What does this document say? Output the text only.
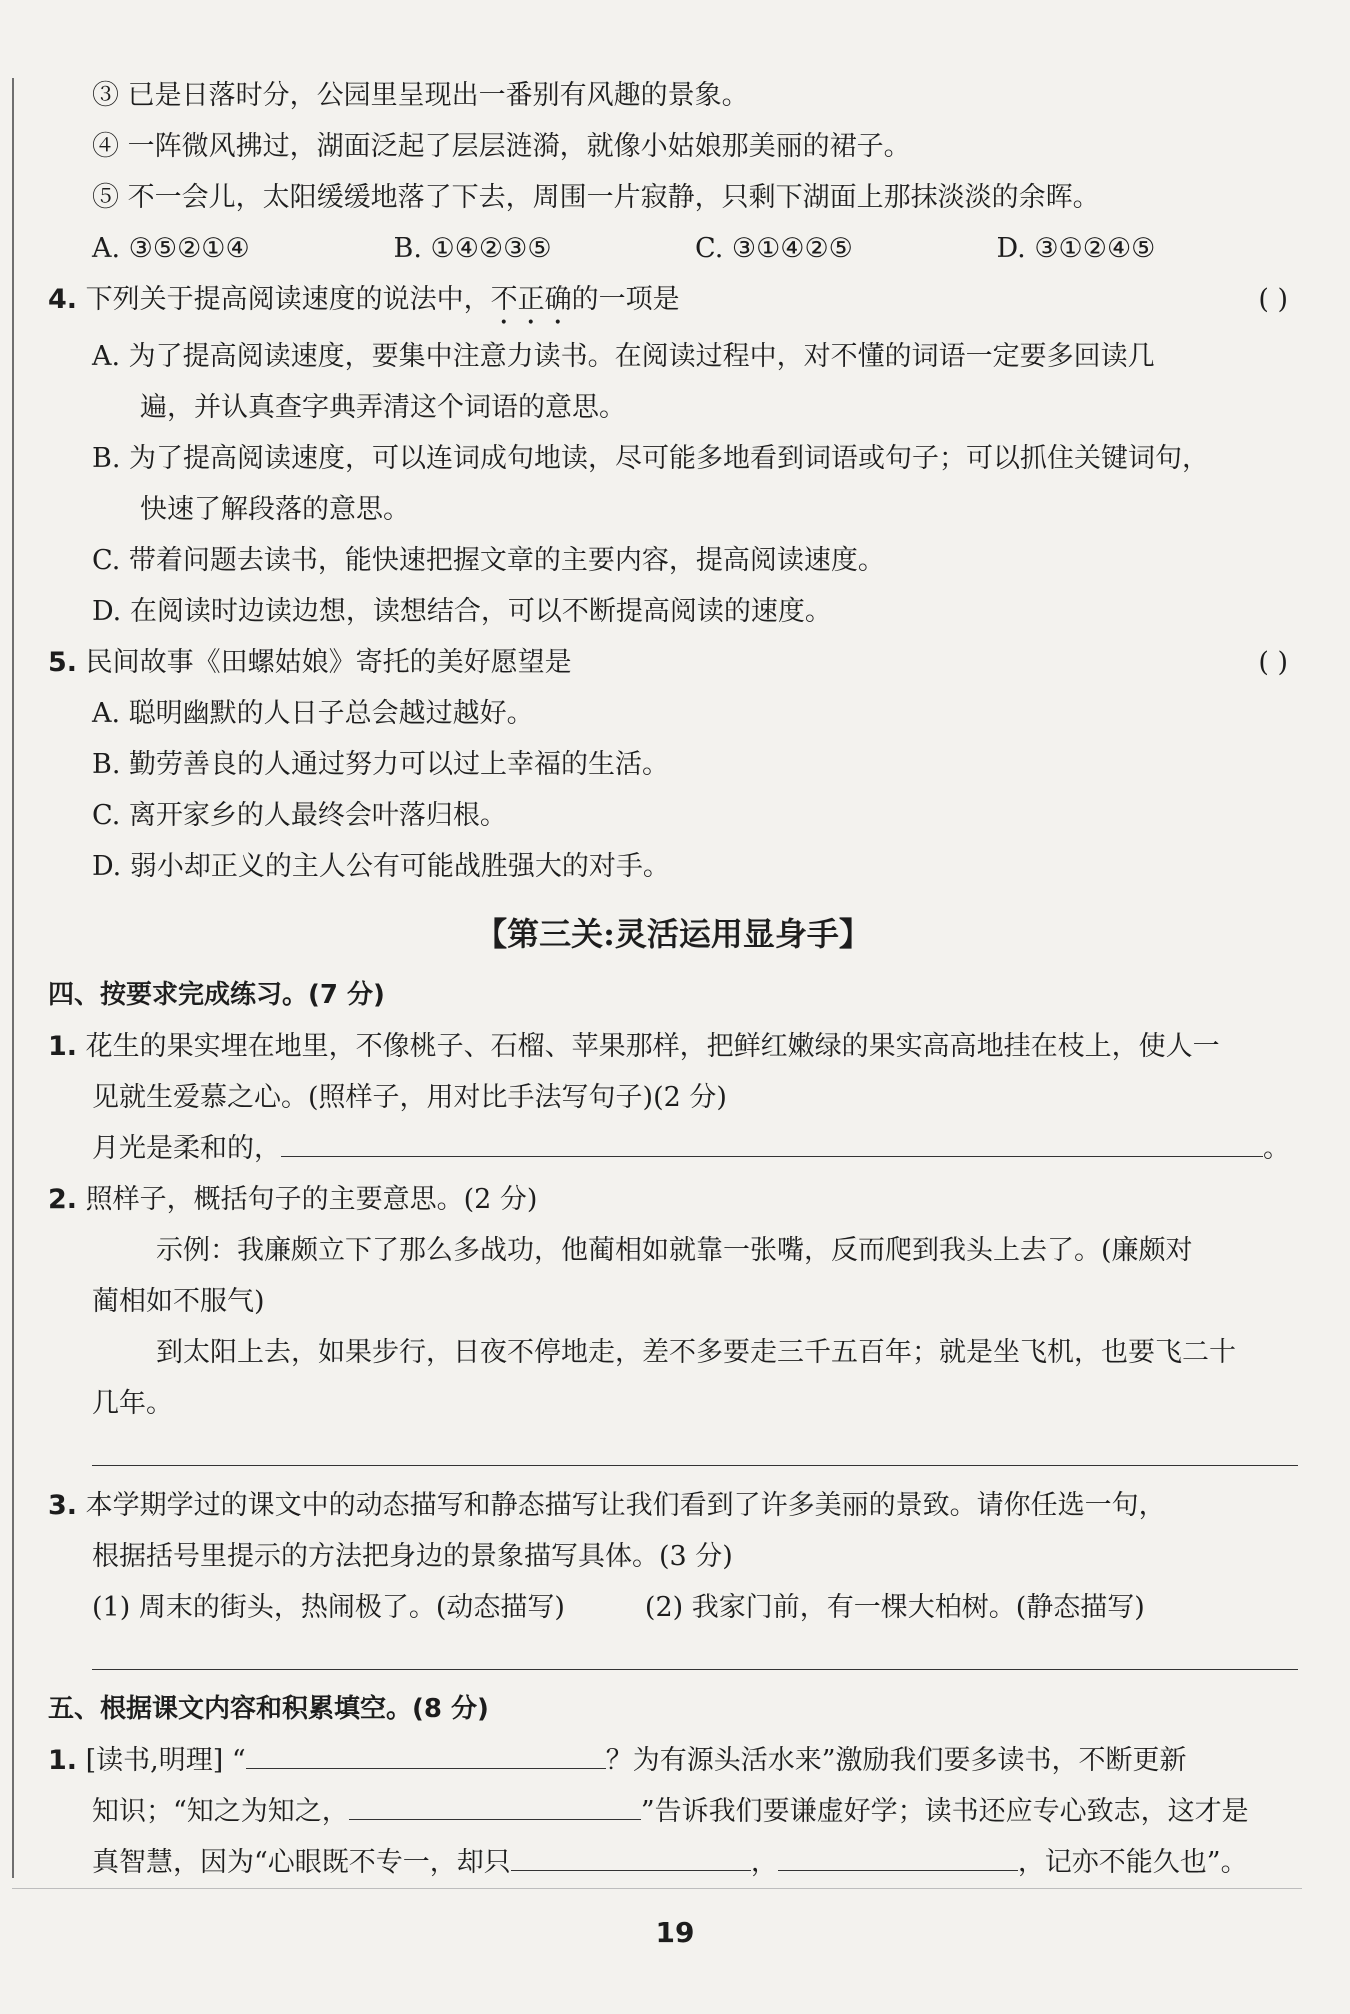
③ 已是日落时分，公园里呈现出一番别有风趣的景象。
④ 一阵微风拂过，湖面泛起了层层涟漪，就像小姑娘那美丽的裙子。
⑤ 不一会儿，太阳缓缓地落了下去，周围一片寂静，只剩下湖面上那抹淡淡的余晖。
A. ③⑤②①④	B. ①④②③⑤	C. ③①④②⑤	D. ③①②④⑤
4. 下列关于提高阅读速度的说法中，不正确的一项是	( )
A. 为了提高阅读速度，要集中注意力读书。在阅读过程中，对不懂的词语一定要多回读几
遍，并认真查字典弄清这个词语的意思。
B. 为了提高阅读速度，可以连词成句地读，尽可能多地看到词语或句子；可以抓住关键词句，
快速了解段落的意思。
C. 带着问题去读书，能快速把握文章的主要内容，提高阅读速度。
D. 在阅读时边读边想，读想结合，可以不断提高阅读的速度。
5. 民间故事《田螺姑娘》寄托的美好愿望是	( )
A. 聪明幽默的人日子总会越过越好。
B. 勤劳善良的人通过努力可以过上幸福的生活。
C. 离开家乡的人最终会叶落归根。
D. 弱小却正义的主人公有可能战胜强大的对手。
【第三关:灵活运用显身手】
四、按要求完成练习。(7 分)
1. 花生的果实埋在地里，不像桃子、石榴、苹果那样，把鲜红嫩绿的果实高高地挂在枝上，使人一
见就生爱慕之心。(照样子，用对比手法写句子)(2 分)
月光是柔和的，	。
2. 照样子，概括句子的主要意思。(2 分)
示例：我廉颇立下了那么多战功，他蔺相如就靠一张嘴，反而爬到我头上去了。(廉颇对
蔺相如不服气)
到太阳上去，如果步行，日夜不停地走，差不多要走三千五百年；就是坐飞机，也要飞二十
几年。
3. 本学期学过的课文中的动态描写和静态描写让我们看到了许多美丽的景致。请你任选一句，
根据括号里提示的方法把身边的景象描写具体。(3 分)
(1) 周末的街头，热闹极了。(动态描写)	(2) 我家门前，有一棵大柏树。(静态描写)
五、根据课文内容和积累填空。(8 分)
1. [读书,明理] “	？为有源头活水来”激励我们要多读书，不断更新
知识；“知之为知之，	”告诉我们要谦虚好学；读书还应专心致志，这才是
真智慧，因为“心眼既不专一，却只	，	，记亦不能久也”。
19
